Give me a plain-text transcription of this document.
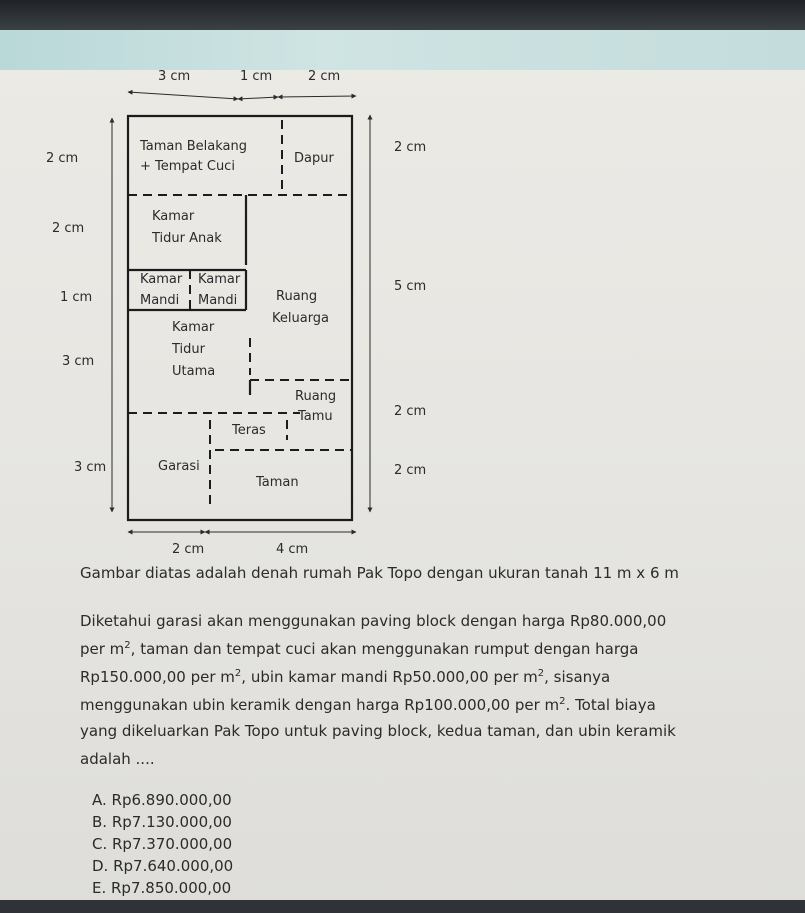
3 cm	1 cm	2 cm
2 cm
2 cm
1 cm
3 cm
3 cm
2 cm
5 cm
2 cm
2 cm
2 cm	4 cm
Taman Belakang
+ Tempat Cuci
Dapur
Kamar
Tidur Anak
Kamar
Mandi
Kamar
Mandi	Ruang
Keluarga
Kamar
Tidur
Utama
Ruang
Tamu
Teras
Garasi
Taman
Gambar diatas adalah denah rumah Pak Topo dengan ukuran tanah 11 m x 6 m
Diketahui garasi akan menggunakan paving block dengan harga Rp80.000,00
per $m^2$, taman dan tempat cuci akan menggunakan rumput dengan harga
Rp150.000,00 per $m^2$, ubin kamar mandi Rp50.000,00 per $m^2$, sisanya
menggunakan ubin keramik dengan harga Rp100.000,00 per $m^2$. Total biaya
yang dikeluarkan Pak Topo untuk paving block, kedua taman, dan ubin keramik
adalah ....
A. Rp6.890.000,00
B. Rp7.130.000,00
C. Rp7.370.000,00
D. Rp7.640.000,00
E. Rp7.850.000,00
